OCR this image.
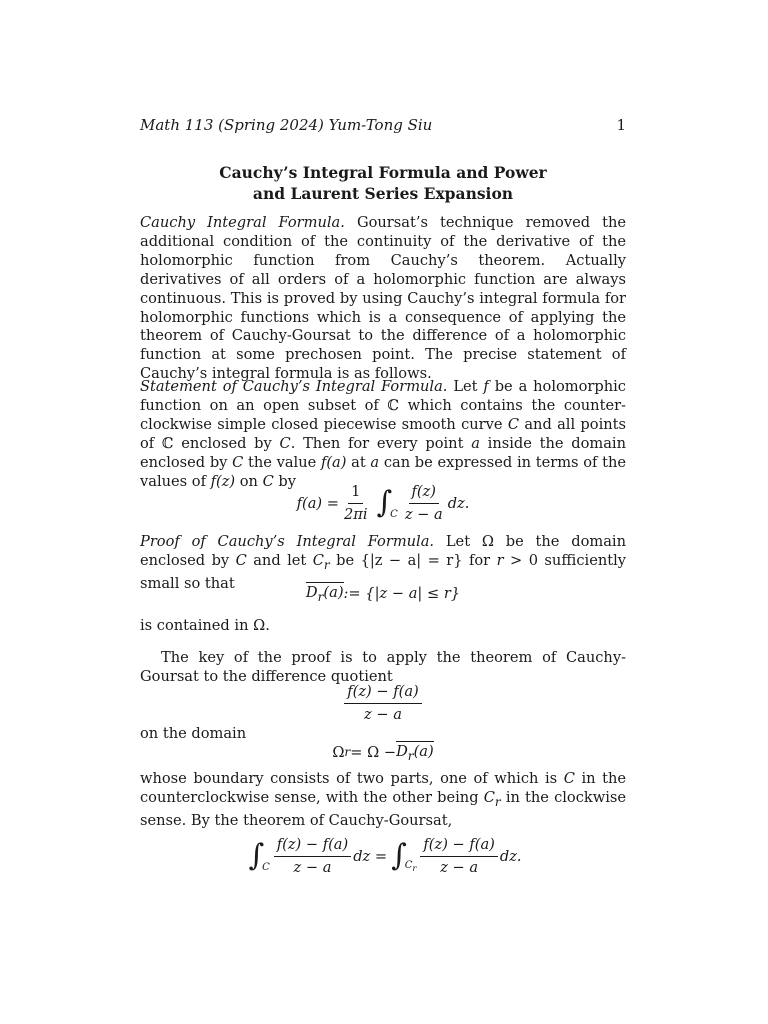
Math 113 (Spring 2024) Yum-Tong Siu	1
Cauchy’s Integral Formula and Power
and Laurent Series Expansion
Cauchy Integral Formula. Goursat’s technique removed the additional condition of the continuity of the derivative of the holomorphic function from Cauchy’s theorem. Actually derivatives of all orders of a holomorphic function are always continuous. This is proved by using Cauchy’s integral formula for holomorphic functions which is a consequence of applying the theorem of Cauchy-Goursat to the difference of a holomorphic function at some prechosen point. The precise statement of Cauchy’s integral formula is as follows.
Statement of Cauchy’s Integral Formula. Let f be a holomorphic function on an open subset of ℂ which contains the counter-clockwise simple closed piecewise smooth curve C and all points of ℂ enclosed by C. Then for every point a inside the domain enclosed by C the value f(a) at a can be expressed in terms of the values of f(z) on C by
$f(a) = \frac{1}{2\pi i}$ ∫
C $\frac{f(z)}{z - a}$ dz.
Proof of Cauchy’s Integral Formula. Let Ω be the domain enclosed by C and let $C_r$ be {|z − a| = r} for r > 0 sufficiently small so that
$D_r(a)$ := {|z − a| ≤ r}
is contained in Ω.
The key of the proof is to apply the theorem of Cauchy-Goursat to the difference quotient
$\frac{f(z) - f(a)}{z - a}$
on the domain
Ω $r = \Omega - D_r(a)$
whose boundary consists of two parts, one of which is C in the counterclockwise sense, with the other being $C_r$ in the clockwise sense. By the theorem of Cauchy-Goursat,
∫
C $\frac{f(z) - f(a)}{z - a}$ dz = ∫
$C_r \frac{f(z) - f(a)}{z - a}$ dz.
